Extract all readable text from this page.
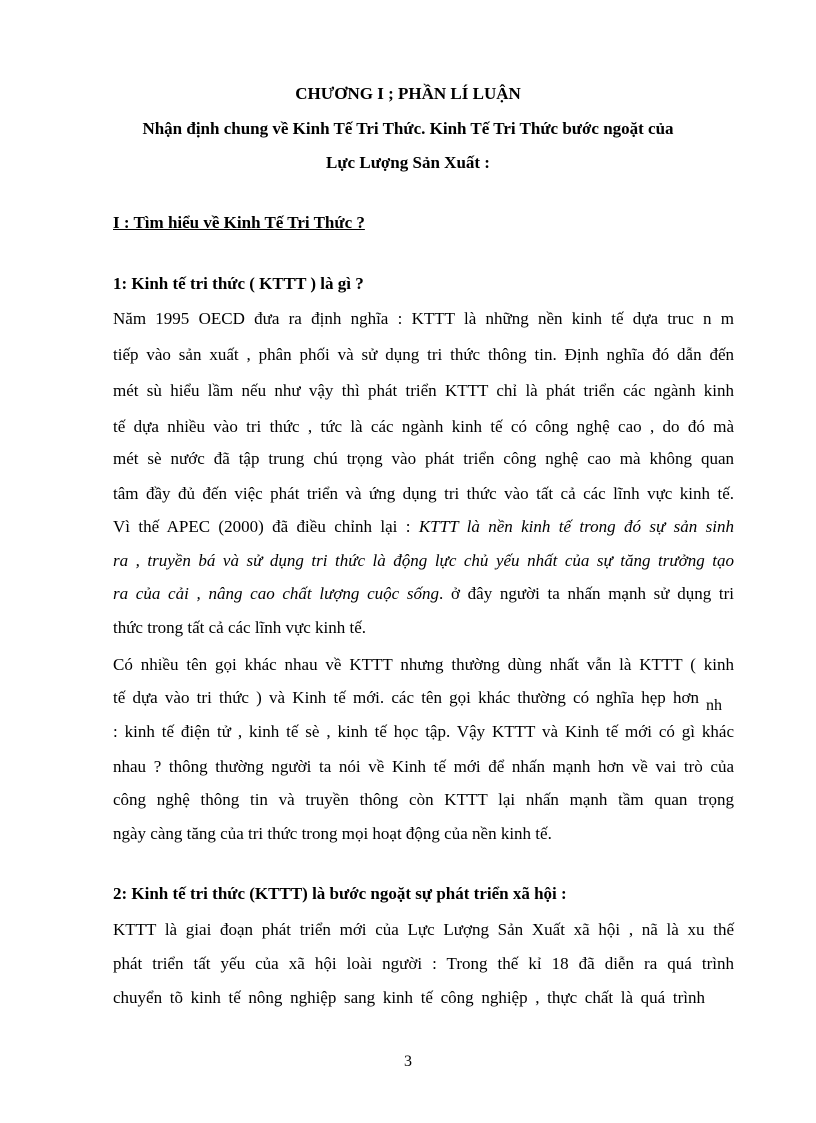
CHƯƠNG I ; PHẦN LÍ LUẬN
Nhận định chung về Kinh Tế Tri Thức. Kinh Tế Tri Thức bước ngoặt của
Lực Lượng Sản Xuất :
I : Tìm hiểu về Kinh Tế Tri Thức ?
1: Kinh tế tri thức ( KTTT ) là gì ?
Năm 1995 OECD đưa ra định nghĩa : KTTT là những nền kinh tế dựa truc n m
tiếp vào sản xuất , phân phối và sử dụng tri thức thông tin. Định nghĩa đó dẫn đến
mét sù hiểu lầm nếu như vậy thì phát triển KTTT chỉ là phát triển các ngành kinh
tế dựa nhiều vào tri thức , tức là các ngành kinh tế có công nghệ cao , do đó mà
mét sè nước đã tập trung chú trọng vào phát triển công nghệ cao mà không quan
tâm đầy đủ đến việc phát triển và ứng dụng tri thức vào tất cả các lĩnh vực kinh tế.
Vì thế APEC (2000) đã điều chỉnh lại : KTTT là nền kinh tế trong đó sự sản sinh
ra , truyền bá và sử dụng tri thức là động lực chủ yếu nhất của sự tăng trưởng tạo
ra của cải , nâng cao chất lượng cuộc sống. ở đây người ta nhấn mạnh sử dụng tri
thức trong tất cả các lĩnh vực kinh tế.
Có nhiều tên gọi khác nhau về KTTT nhưng thường dùng nhất vẫn là KTTT ( kinh
tế dựa vào tri thức ) và Kinh tế mới. các tên gọi khác thường có nghĩa hẹp hơn nh
: kinh tế điện tử , kinh tế sè , kinh tế học tập. Vậy KTTT và Kinh tế mới có gì khác
nhau ? thông thường người ta nói về Kinh tế mới để nhấn mạnh hơn về vai trò của
công nghệ thông tin và truyền thông còn KTTT lại nhấn mạnh tầm quan trọng
ngày càng tăng của tri thức trong mọi hoạt động của nền kinh tế.
2: Kinh tế tri thức (KTTT) là bước ngoặt sự phát triển xã hội :
KTTT là giai đoạn phát triển mới của Lực Lượng Sản Xuất xã hội , nã là xu thế
phát triển tất yếu của xã hội loài người : Trong thế kỉ 18 đã diễn ra quá trình
chuyển tõ kinh tế nông nghiệp sang kinh tế công nghiệp , thực chất là quá trình
3
